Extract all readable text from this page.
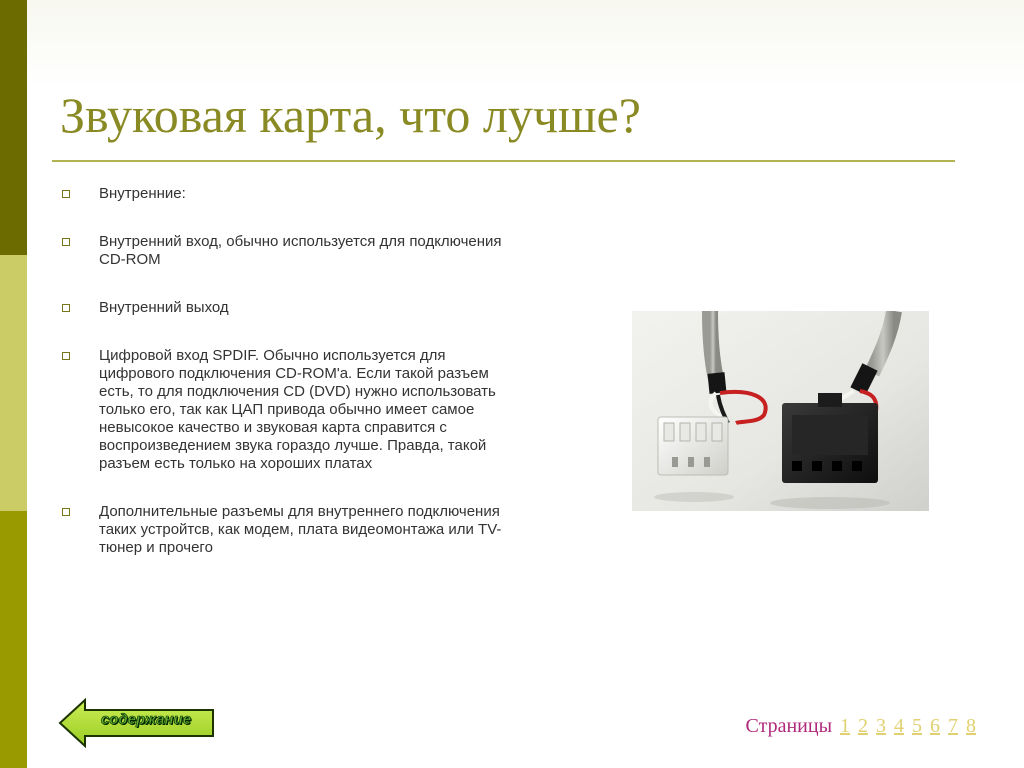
Звуковая карта, что лучше?
Внутренние:
Внутренний вход, обычно используется для подключения CD-ROM
Внутренний выход
Цифровой вход SPDIF. Обычно используется для цифрового подключения CD-ROM'a. Если такой разъем есть, то для подключения CD (DVD) нужно использовать только его, так как ЦАП привода обычно имеет самое невысокое качество и звуковая карта справится с воспроизведением звука гораздо лучше. Правда, такой разъем есть только на хороших платах
Дополнительные разъемы для внутреннего подключения таких устройтсв, как модем, плата видеомонтажа или TV-тюнер и прочего
содержание	Страницы 1 2 3 4 5 6 7 8
